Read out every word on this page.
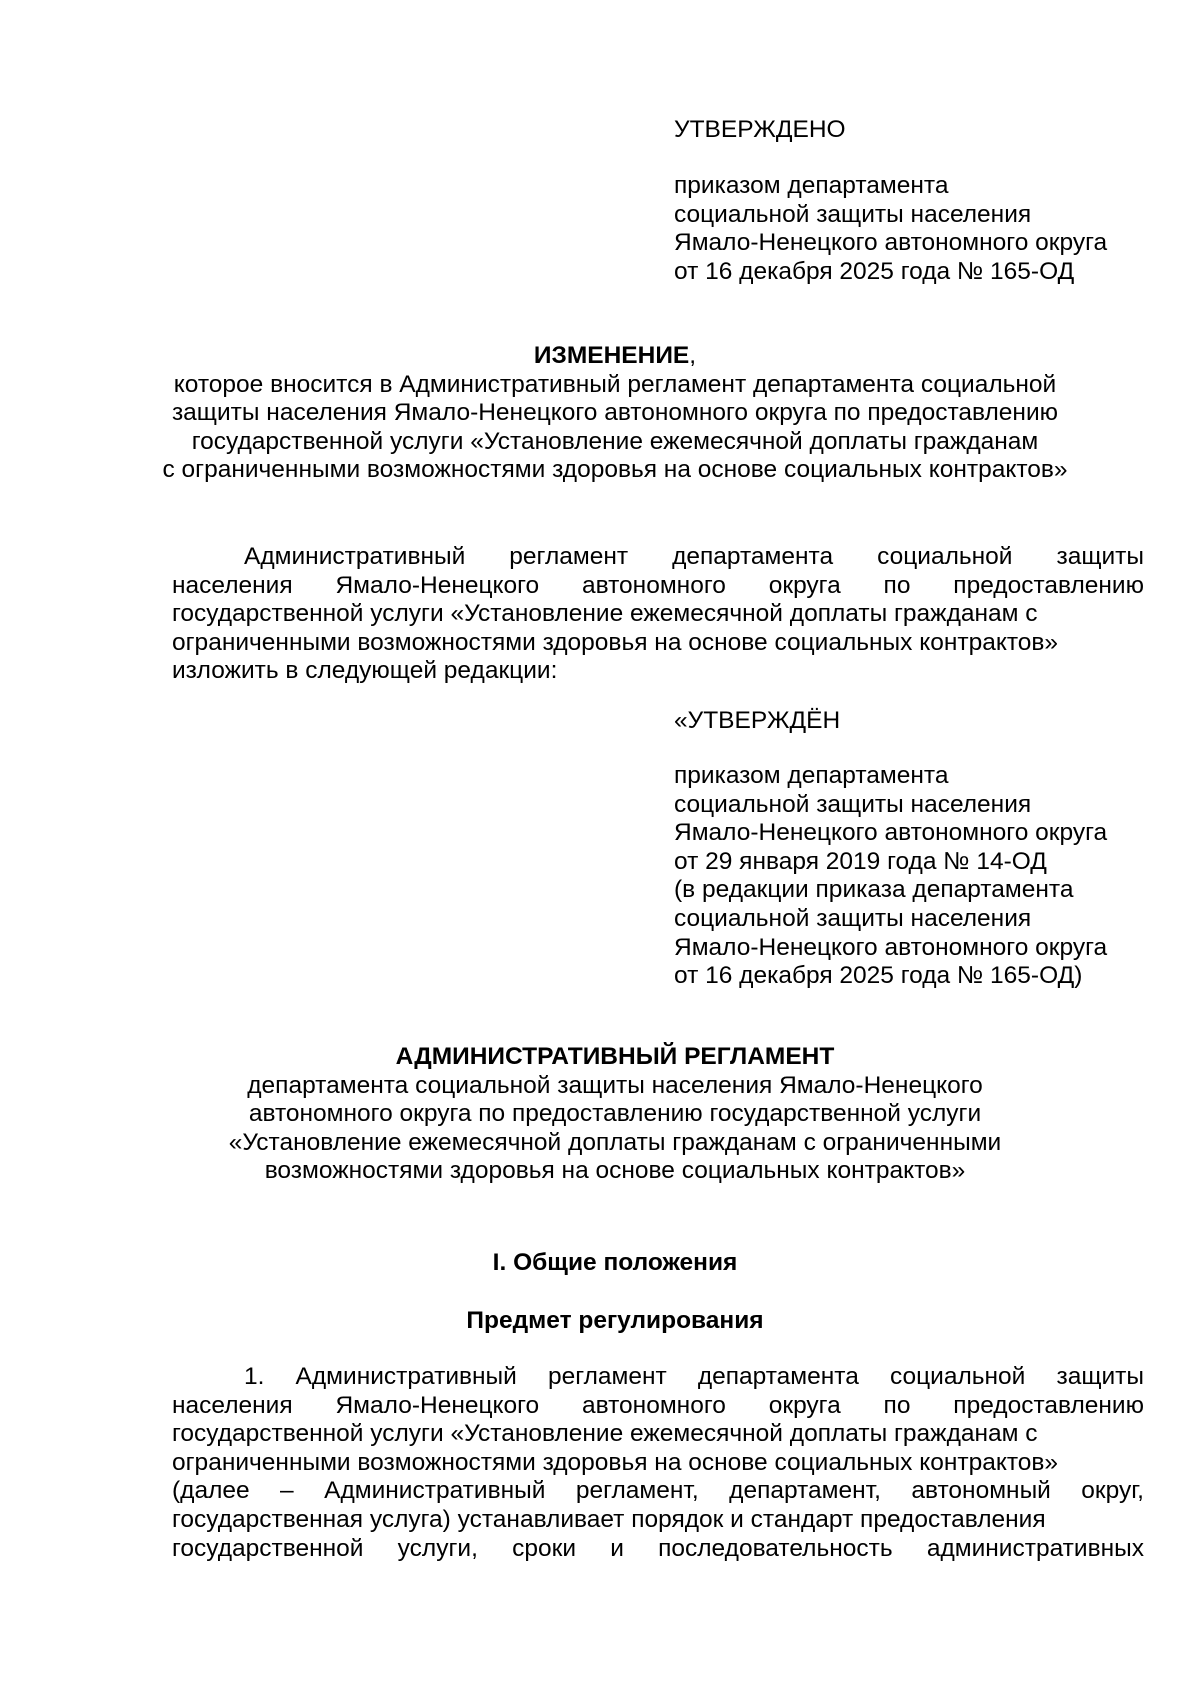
УТВЕРЖДЕНО
приказом департамента
социальной защиты населения
Ямало-Ненецкого автономного округа
от 16 декабря 2025 года № 165-ОД
ИЗМЕНЕНИЕ,
которое вносится в Административный регламент департамента социальной
защиты населения Ямало-Ненецкого автономного округа по предоставлению
государственной услуги «Установление ежемесячной доплаты гражданам
с ограниченными возможностями здоровья на основе социальных контрактов»
Административный регламент департамента социальной защиты
населения Ямало-Ненецкого автономного округа по предоставлению
государственной услуги «Установление ежемесячной доплаты гражданам с
ограниченными возможностями здоровья на основе социальных контрактов»
изложить в следующей редакции:
«УТВЕРЖДЁН
приказом департамента
социальной защиты населения
Ямало-Ненецкого автономного округа
от 29 января 2019 года № 14-ОД
(в редакции приказа департамента
социальной защиты населения
Ямало-Ненецкого автономного округа
от 16 декабря 2025 года № 165-ОД)
АДМИНИСТРАТИВНЫЙ РЕГЛАМЕНТ
департамента социальной защиты населения Ямало-Ненецкого
автономного округа по предоставлению государственной услуги
«Установление ежемесячной доплаты гражданам с ограниченными
возможностями здоровья на основе социальных контрактов»
I. Общие положения
Предмет регулирования
1. Административный регламент департамента социальной защиты
населения Ямало-Ненецкого автономного округа по предоставлению
государственной услуги «Установление ежемесячной доплаты гражданам с
ограниченными возможностями здоровья на основе социальных контрактов»
(далее – Административный регламент, департамент, автономный округ,
государственная услуга) устанавливает порядок и стандарт предоставления
государственной услуги, сроки и последовательность административных
